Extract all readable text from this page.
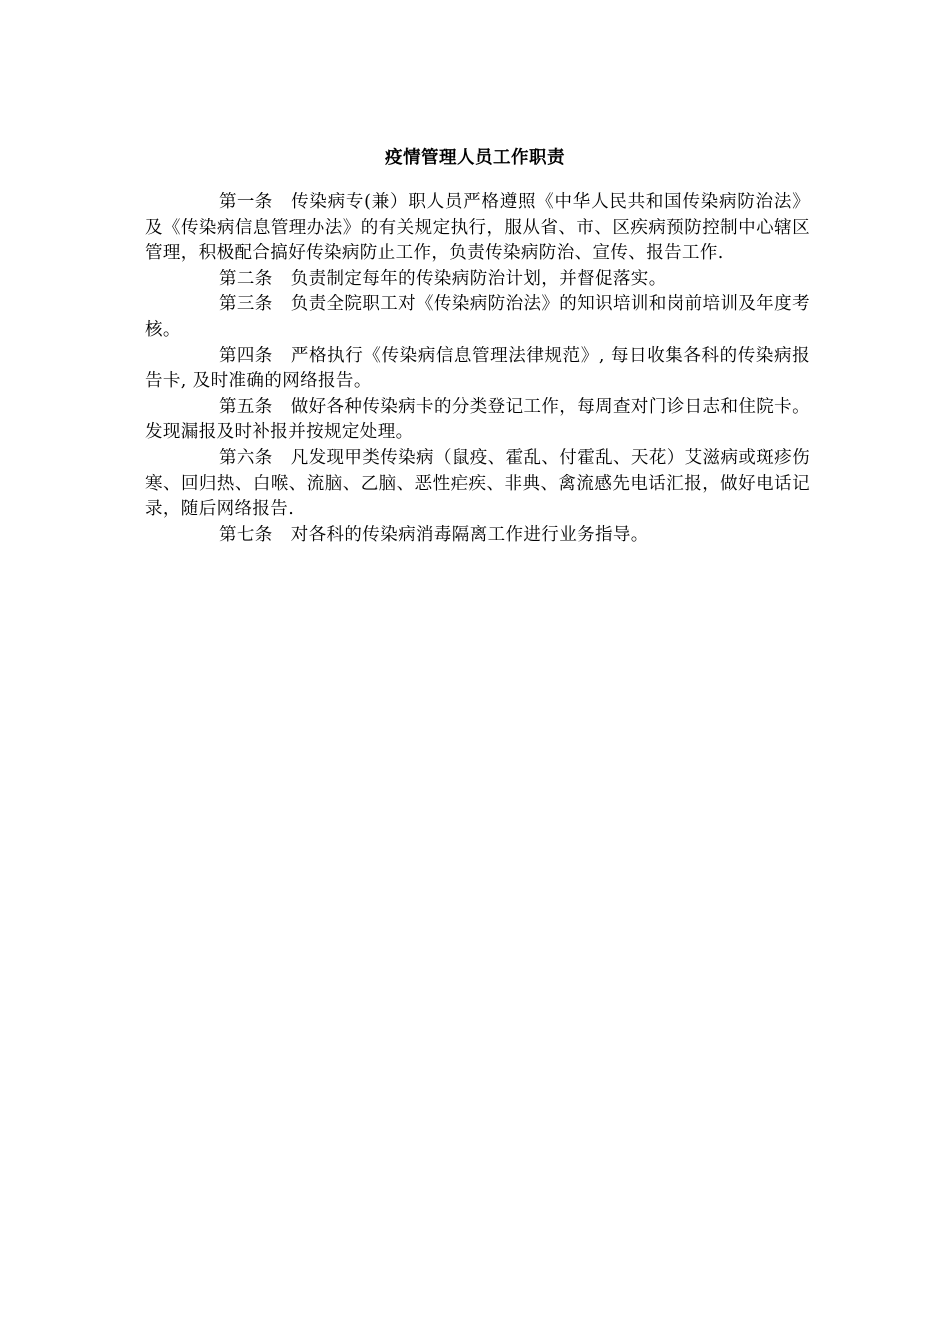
疫情管理人员工作职责

第一条 传染病专(兼）职人员严格遵照《中华人民共和国传染病防治法》及《传染病信息管理办法》的有关规定执行，服从省、市、区疾病预防控制中心辖区管理，积极配合搞好传染病防止工作，负责传染病防治、宣传、报告工作.

第二条 负责制定每年的传染病防治计划，并督促落实。

第三条 负责全院职工对《传染病防治法》的知识培训和岗前培训及年度考核。

第四条 严格执行《传染病信息管理法律规范》, 每日收集各科的传染病报告卡, 及时准确的网络报告。

第五条 做好各种传染病卡的分类登记工作，每周查对门诊日志和住院卡。发现漏报及时补报并按规定处理。

第六条 凡发现甲类传染病（鼠疫、霍乱、付霍乱、天花）艾滋病或斑疹伤寒、回归热、白喉、流脑、乙脑、恶性疟疾、非典、禽流感先电话汇报，做好电话记录，随后网络报告.

第七条 对各科的传染病消毒隔离工作进行业务指导。
